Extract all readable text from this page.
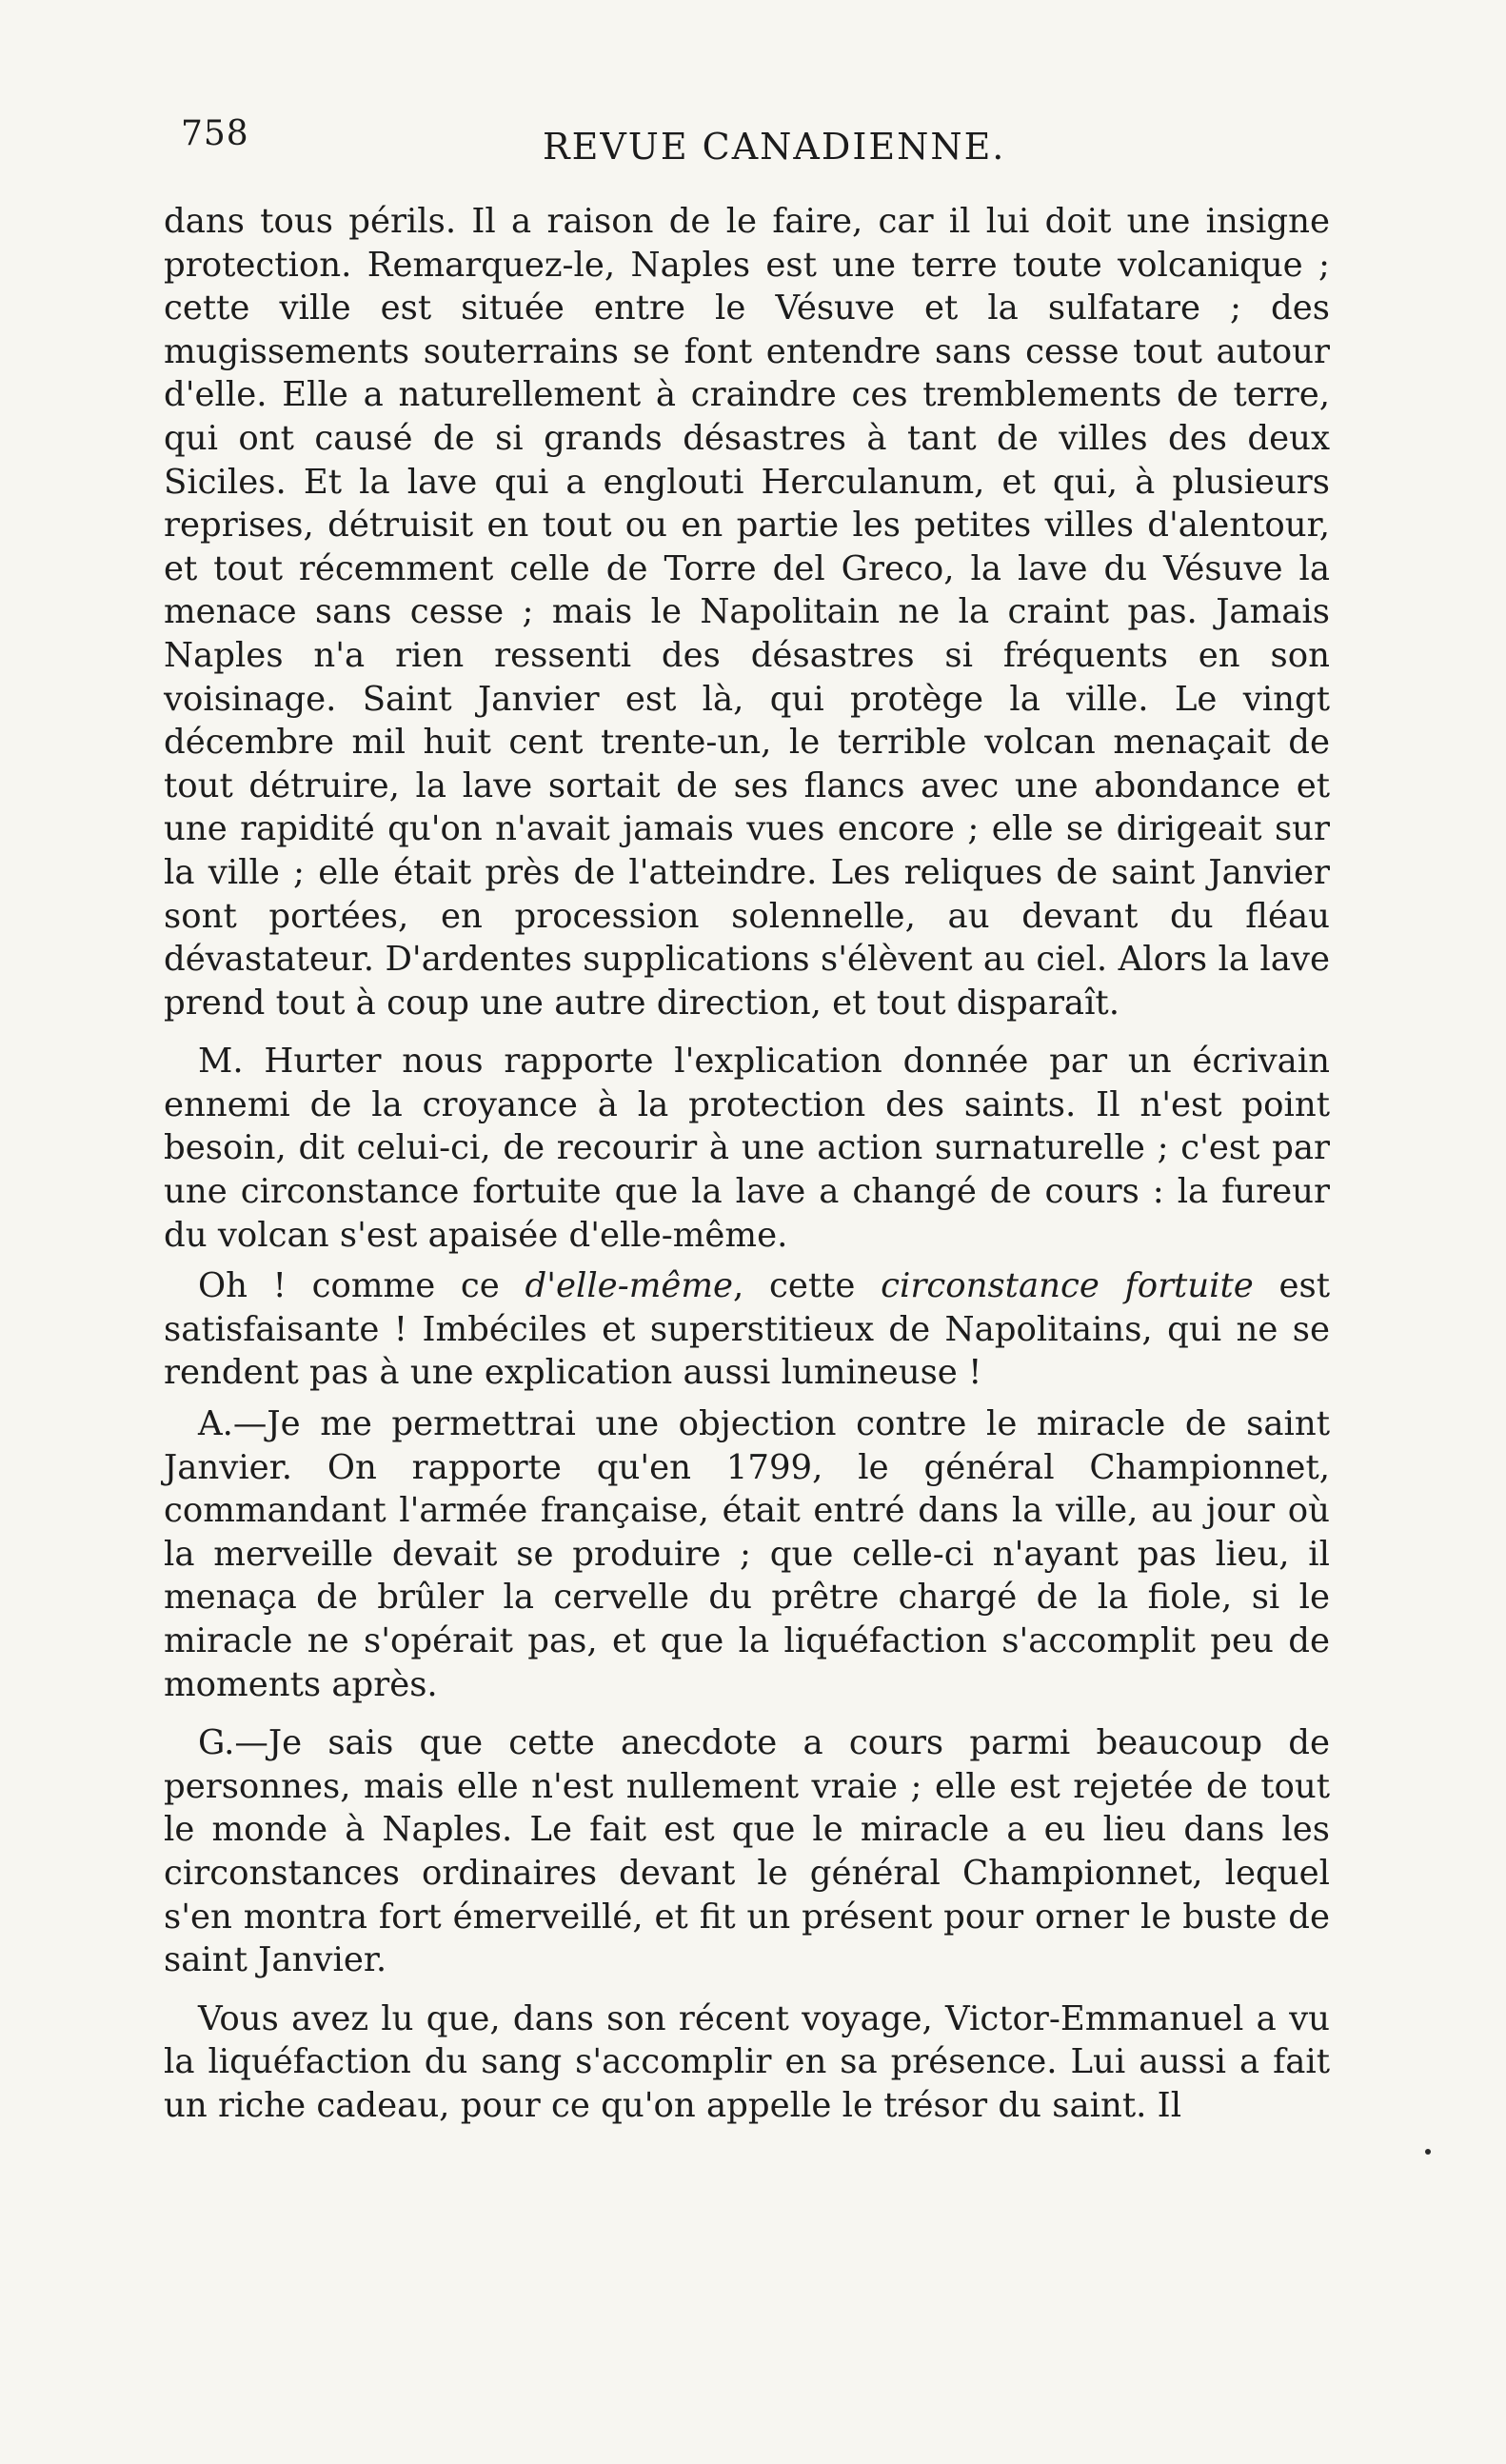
758	REVUE CANADIENNE.

dans tous périls. Il a raison de le faire, car il lui doit une insigne protection. Remarquez-le, Naples est une terre toute volcanique ; cette ville est située entre le Vésuve et la sulfatare ; des mugissements souterrains se font entendre sans cesse tout autour d'elle. Elle a naturellement à craindre ces tremblements de terre, qui ont causé de si grands désastres à tant de villes des deux Siciles. Et la lave qui a englouti Herculanum, et qui, à plusieurs reprises, détruisit en tout ou en partie les petites villes d'alentour, et tout récemment celle de Torre del Greco, la lave du Vésuve la menace sans cesse ; mais le Napolitain ne la craint pas. Jamais Naples n'a rien ressenti des désastres si fréquents en son voisinage. Saint Janvier est là, qui protège la ville. Le vingt décembre mil huit cent trente-un, le terrible volcan menaçait de tout détruire, la lave sortait de ses flancs avec une abondance et une rapidité qu'on n'avait jamais vues encore ; elle se dirigeait sur la ville ; elle était près de l'atteindre. Les reliques de saint Janvier sont portées, en procession solennelle, au devant du fléau dévastateur. D'ardentes supplications s'élèvent au ciel. Alors la lave prend tout à coup une autre direction, et tout disparaît.

M. Hurter nous rapporte l'explication donnée par un écrivain ennemi de la croyance à la protection des saints. Il n'est point besoin, dit celui-ci, de recourir à une action surnaturelle ; c'est par une circonstance fortuite que la lave a changé de cours : la fureur du volcan s'est apaisée d'elle-même.

Oh ! comme ce d'elle-même, cette circonstance fortuite est satisfaisante ! Imbéciles et superstitieux de Napolitains, qui ne se rendent pas à une explication aussi lumineuse !

A.—Je me permettrai une objection contre le miracle de saint Janvier. On rapporte qu'en 1799, le général Championnet, commandant l'armée française, était entré dans la ville, au jour où la merveille devait se produire ; que celle-ci n'ayant pas lieu, il menaça de brûler la cervelle du prêtre chargé de la fiole, si le miracle ne s'opérait pas, et que la liquéfaction s'accomplit peu de moments après.

G.—Je sais que cette anecdote a cours parmi beaucoup de personnes, mais elle n'est nullement vraie ; elle est rejetée de tout le monde à Naples. Le fait est que le miracle a eu lieu dans les circonstances ordinaires devant le général Championnet, lequel s'en montra fort émerveillé, et fit un présent pour orner le buste de saint Janvier.

Vous avez lu que, dans son récent voyage, Victor-Emmanuel a vu la liquéfaction du sang s'accomplir en sa présence. Lui aussi a fait un riche cadeau, pour ce qu'on appelle le trésor du saint. Il
